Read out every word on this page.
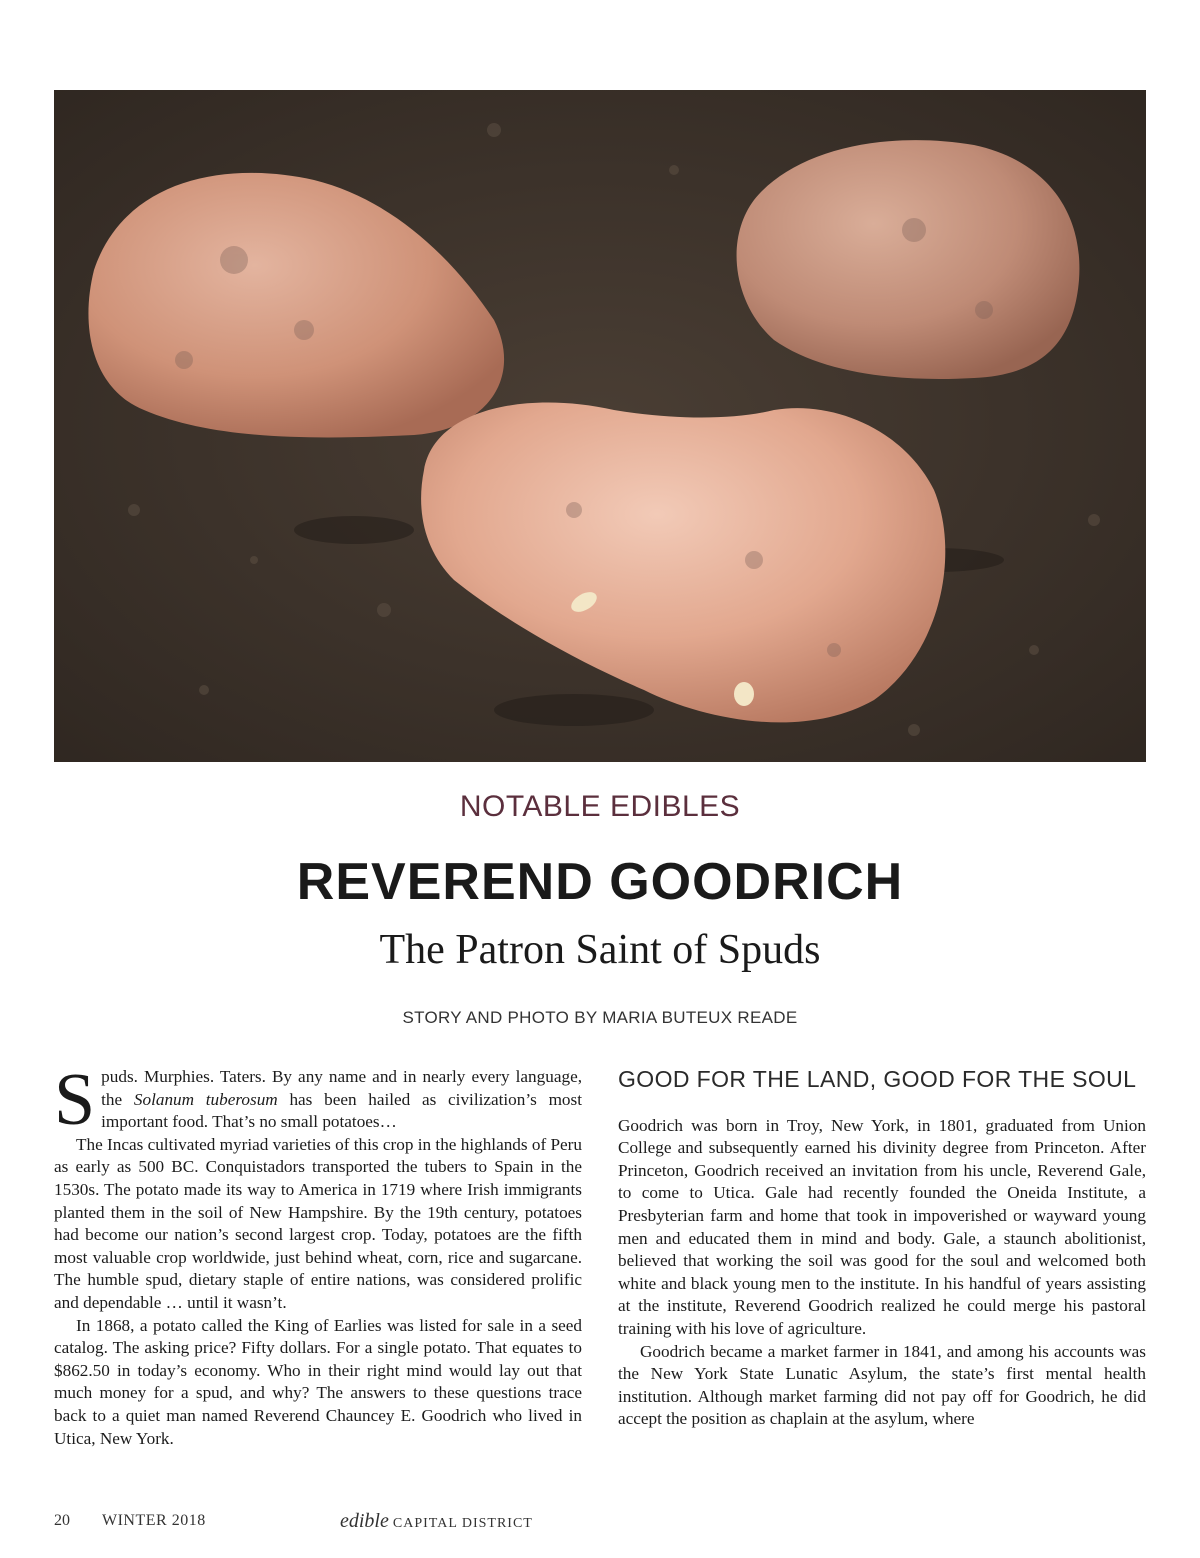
NOTABLE EDIBLES
REVEREND GOODRICH
The Patron Saint of Spuds
STORY AND PHOTO BY MARIA BUTEUX READE

Spuds. Murphies. Taters. By any name and in nearly every language, the Solanum tuberosum has been hailed as civilization’s most important food. That’s no small potatoes…

The Incas cultivated myriad varieties of this crop in the highlands of Peru as early as 500 BC. Conquistadors transported the tubers to Spain in the 1530s. The potato made its way to America in 1719 where Irish immigrants planted them in the soil of New Hampshire. By the 19th century, potatoes had become our nation’s second largest crop. Today, potatoes are the fifth most valuable crop worldwide, just behind wheat, corn, rice and sugarcane. The humble spud, dietary staple of entire nations, was considered prolific and dependable … until it wasn’t.

In 1868, a potato called the King of Earlies was listed for sale in a seed catalog. The asking price? Fifty dollars. For a single potato. That equates to $862.50 in today’s economy. Who in their right mind would lay out that much money for a spud, and why? The answers to these questions trace back to a quiet man named Reverend Chauncey E. Goodrich who lived in Utica, New York.

GOOD FOR THE LAND, GOOD FOR THE SOUL

Goodrich was born in Troy, New York, in 1801, graduated from Union College and subsequently earned his divinity degree from Princeton. After Princeton, Goodrich received an invitation from his uncle, Reverend Gale, to come to Utica. Gale had recently founded the Oneida Institute, a Presbyterian farm and home that took in impoverished or wayward young men and educated them in mind and body. Gale, a staunch abolitionist, believed that working the soil was good for the soul and welcomed both white and black young men to the institute. In his handful of years assisting at the institute, Reverend Goodrich realized he could merge his pastoral training with his love of agriculture.

Goodrich became a market farmer in 1841, and among his accounts was the New York State Lunatic Asylum, the state’s first mental health institution. Although market farming did not pay off for Goodrich, he did accept the position as chaplain at the asylum, where

20 WINTER 2018	edible CAPITAL DISTRICT
